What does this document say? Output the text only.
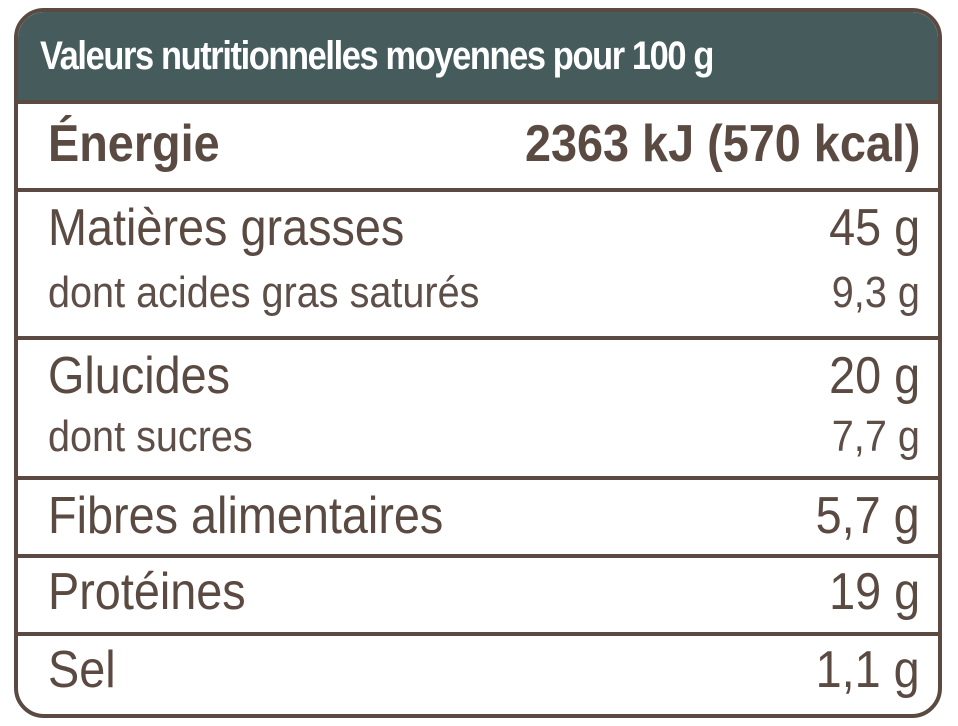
Valeurs nutritionnelles moyennes pour 100 g
Énergie	2363 kJ (570 kcal)
Matières grasses	45 g
dont acides gras saturés	9,3 g
Glucides	20 g
dont sucres	7,7 g
Fibres alimentaires	5,7 g
Protéines	19 g
Sel	1,1 g
